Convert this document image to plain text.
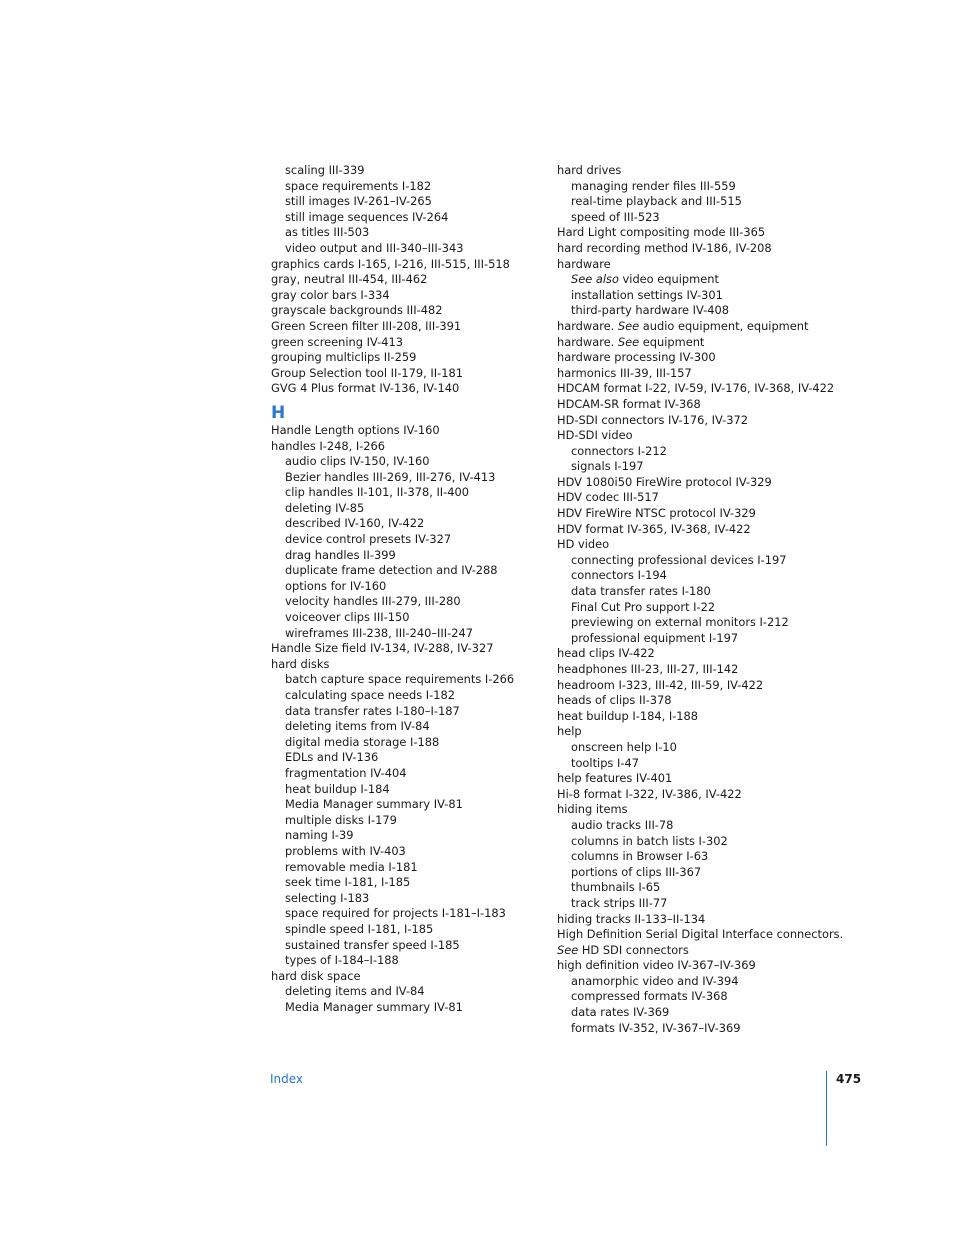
scaling III-339
space requirements I-182
still images IV-261–IV-265
still image sequences IV-264
as titles III-503
video output and III-340–III-343
graphics cards I-165, I-216, III-515, III-518
gray, neutral III-454, III-462
gray color bars I-334
grayscale backgrounds III-482
Green Screen filter III-208, III-391
green screening IV-413
grouping multiclips II-259
Group Selection tool II-179, II-181
GVG 4 Plus format IV-136, IV-140
H
Handle Length options IV-160
handles I-248, I-266
audio clips IV-150, IV-160
Bezier handles III-269, III-276, IV-413
clip handles II-101, II-378, II-400
deleting IV-85
described IV-160, IV-422
device control presets IV-327
drag handles II-399
duplicate frame detection and IV-288
options for IV-160
velocity handles III-279, III-280
voiceover clips III-150
wireframes III-238, III-240–III-247
Handle Size field IV-134, IV-288, IV-327
hard disks
batch capture space requirements I-266
calculating space needs I-182
data transfer rates I-180–I-187
deleting items from IV-84
digital media storage I-188
EDLs and IV-136
fragmentation IV-404
heat buildup I-184
Media Manager summary IV-81
multiple disks I-179
naming I-39
problems with IV-403
removable media I-181
seek time I-181, I-185
selecting I-183
space required for projects I-181–I-183
spindle speed I-181, I-185
sustained transfer speed I-185
types of I-184–I-188
hard disk space
deleting items and IV-84
Media Manager summary IV-81
hard drives
managing render files III-559
real-time playback and III-515
speed of III-523
Hard Light compositing mode III-365
hard recording method IV-186, IV-208
hardware
See also video equipment
installation settings IV-301
third-party hardware IV-408
hardware. See audio equipment, equipment
hardware. See equipment
hardware processing IV-300
harmonics III-39, III-157
HDCAM format I-22, IV-59, IV-176, IV-368, IV-422
HDCAM-SR format IV-368
HD-SDI connectors IV-176, IV-372
HD-SDI video
connectors I-212
signals I-197
HDV 1080i50 FireWire protocol IV-329
HDV codec III-517
HDV FireWire NTSC protocol IV-329
HDV format IV-365, IV-368, IV-422
HD video
connecting professional devices I-197
connectors I-194
data transfer rates I-180
Final Cut Pro support I-22
previewing on external monitors I-212
professional equipment I-197
head clips IV-422
headphones III-23, III-27, III-142
headroom I-323, III-42, III-59, IV-422
heads of clips II-378
heat buildup I-184, I-188
help
onscreen help I-10
tooltips I-47
help features IV-401
Hi-8 format I-322, IV-386, IV-422
hiding items
audio tracks III-78
columns in batch lists I-302
columns in Browser I-63
portions of clips III-367
thumbnails I-65
track strips III-77
hiding tracks II-133–II-134
High Definition Serial Digital Interface connectors.
See HD SDI connectors
high definition video IV-367–IV-369
anamorphic video and IV-394
compressed formats IV-368
data rates IV-369
formats IV-352, IV-367–IV-369
Index	475
